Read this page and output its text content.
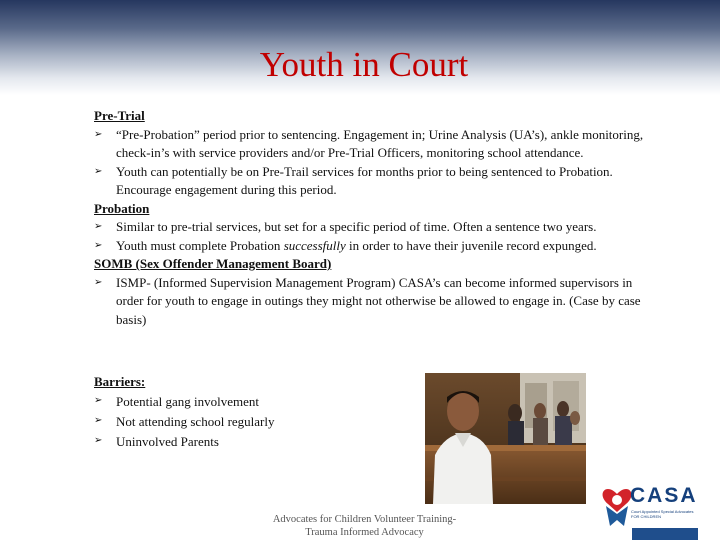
Youth in Court
Pre-Trial
➢ “Pre-Probation” period prior to sentencing. Engagement in; Urine Analysis (UA’s), ankle monitoring, check-in’s with service providers and/or Pre-Trial Officers, monitoring school attendance.
➢ Youth can potentially be on Pre-Trail services for months prior to being sentenced to Probation. Encourage engagement during this period.
Probation
➢ Similar to pre-trial services, but set for a specific period of time. Often a sentence two years.
➢ Youth must complete Probation successfully in order to have their juvenile record expunged.
SOMB (Sex Offender Management Board)
➢ ISMP- (Informed Supervision Management Program) CASA’s can become informed supervisors in order for youth to engage in outings they might not otherwise be allowed to engage in. (Case by case basis)
Barriers:
➢ Potential gang involvement
➢ Not attending school regularly
➢ Uninvolved Parents
Advocates for Children Volunteer Training-
Trauma Informed Advocacy
CASA
Court Appointed Special Advocates FOR CHILDREN
